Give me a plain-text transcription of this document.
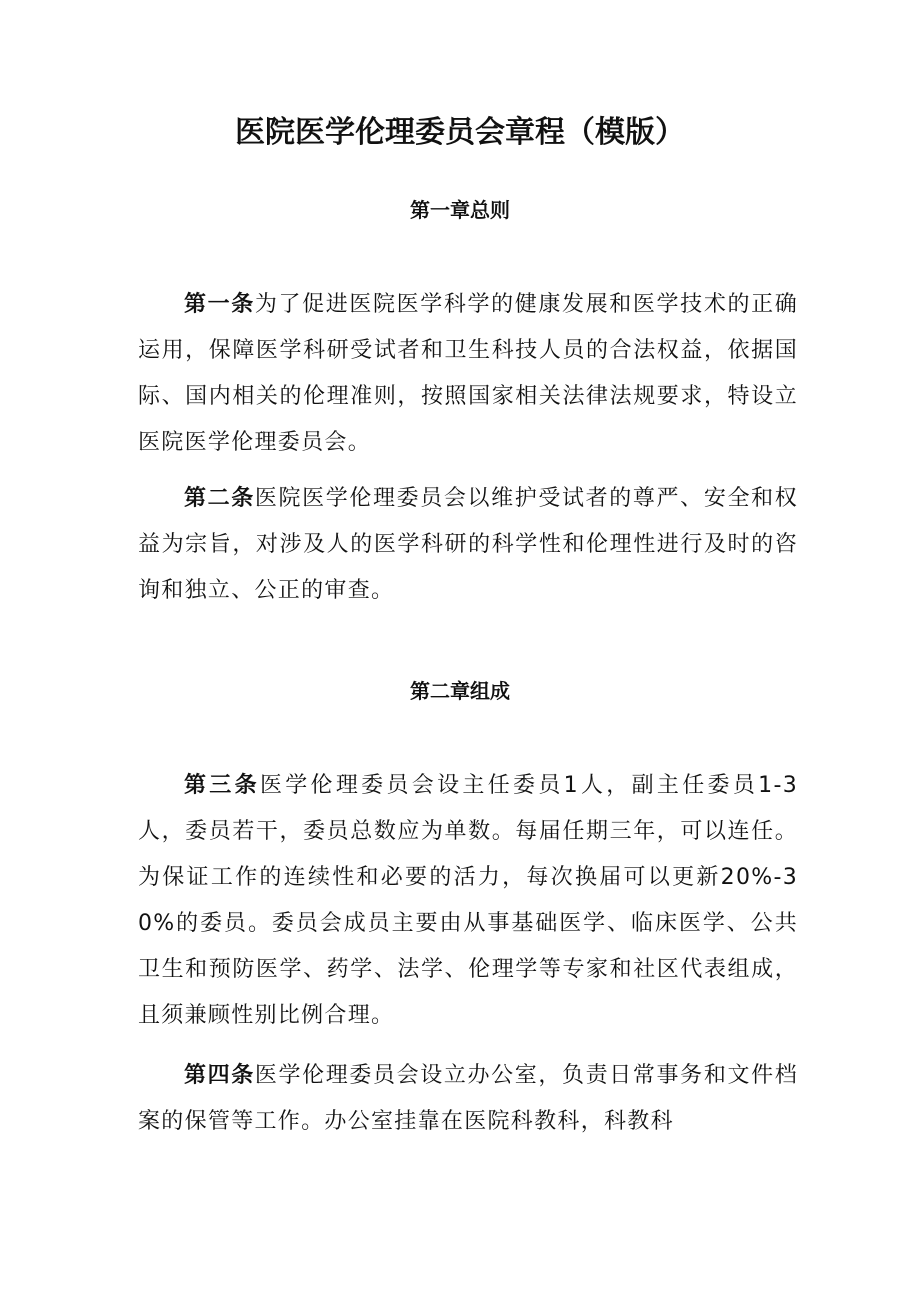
医院医学伦理委员会章程（模版）
第一章总则

第一条为了促进医院医学科学的健康发展和医学技术的正确运用，保障医学科研受试者和卫生科技人员的合法权益，依据国际、国内相关的伦理准则，按照国家相关法律法规要求，特设立医院医学伦理委员会。

第二条医院医学伦理委员会以维护受试者的尊严、安全和权益为宗旨，对涉及人的医学科研的科学性和伦理性进行及时的咨询和独立、公正的审查。

第二章组成

第三条医学伦理委员会设主任委员1人，副主任委员1-3人，委员若干，委员总数应为单数。每届任期三年，可以连任。为保证工作的连续性和必要的活力，每次换届可以更新20%-30%的委员。委员会成员主要由从事基础医学、临床医学、公共卫生和预防医学、药学、法学、伦理学等专家和社区代表组成，且须兼顾性别比例合理。

第四条医学伦理委员会设立办公室，负责日常事务和文件档案的保管等工作。办公室挂靠在医院科教科，科教科
